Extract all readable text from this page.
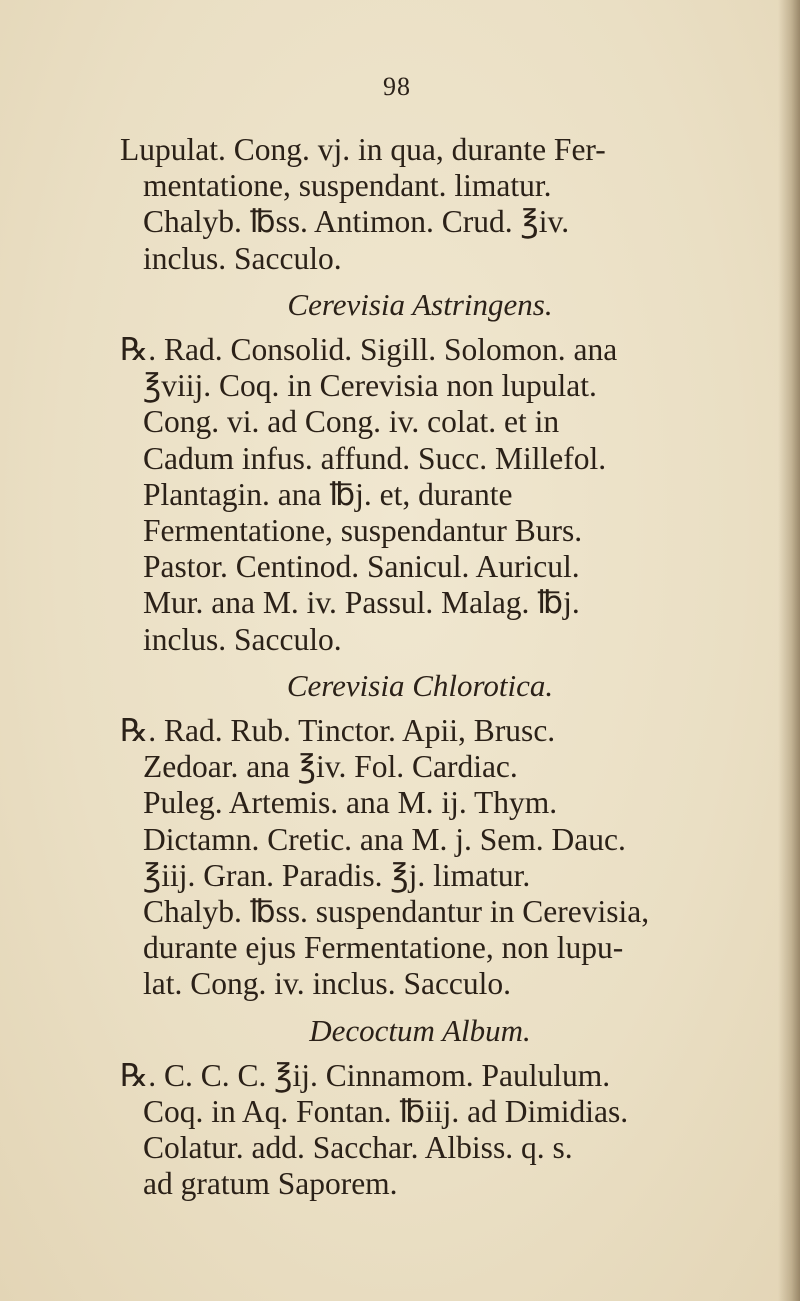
98
Lupulat. Cong. vj. in qua, durante Fer-
mentatione, suspendant. limatur.
Chalyb. ℔ss. Antimon. Crud. ℥iv.
inclus. Sacculo.
Cerevisia Astringens.
℞. Rad. Consolid. Sigill. Solomon. ana
℥viij. Coq. in Cerevisia non lupulat.
Cong. vi. ad Cong. iv. colat. et in
Cadum infus. affund. Succ. Millefol.
Plantagin. ana ℔j. et, durante
Fermentatione, suspendantur Burs.
Pastor. Centinod. Sanicul. Auricul.
Mur. ana M. iv. Passul. Malag. ℔j.
inclus. Sacculo.
Cerevisia Chlorotica.
℞. Rad. Rub. Tinctor. Apii, Brusc.
Zedoar. ana ℥iv. Fol. Cardiac.
Puleg. Artemis. ana M. ij. Thym.
Dictamn. Cretic. ana M. j. Sem. Dauc.
℥iij. Gran. Paradis. ℥j. limatur.
Chalyb. ℔ss. suspendantur in Cerevisia,
durante ejus Fermentatione, non lupu-
lat. Cong. iv. inclus. Sacculo.
Decoctum Album.
℞. C. C. C. ℥ij. Cinnamom. Paululum.
Coq. in Aq. Fontan. ℔iij. ad Dimidias.
Colatur. add. Sacchar. Albiss. q. s.
ad gratum Saporem.
